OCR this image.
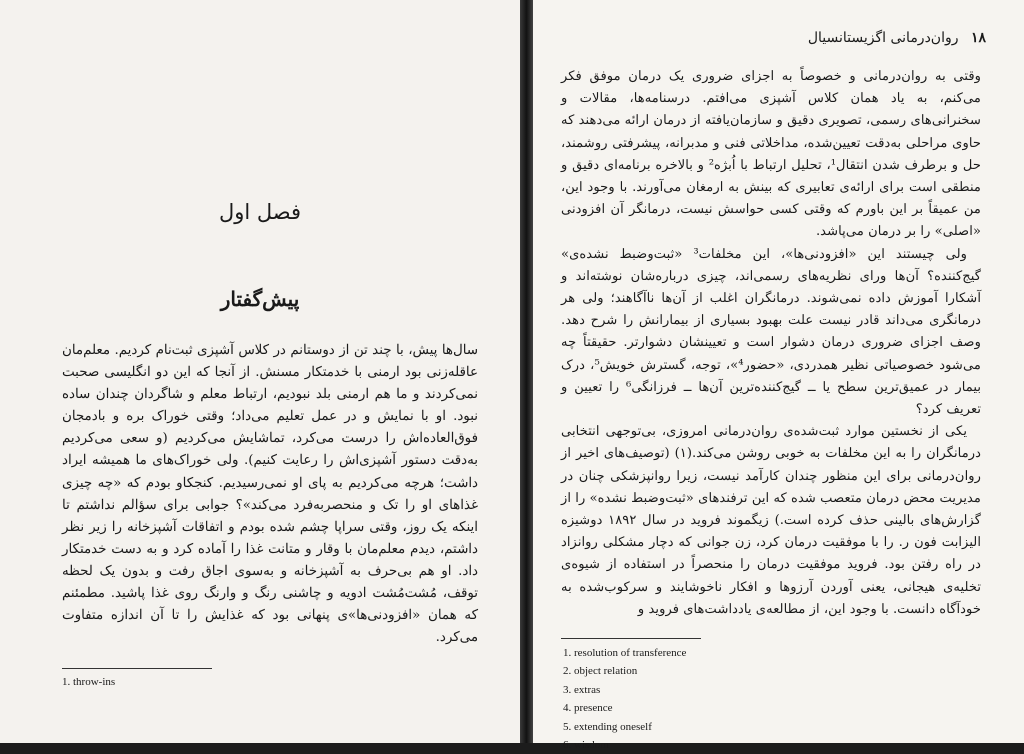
فصل اول
پیش‌گفتار

سال‌ها پیش، با چند تن از دوستانم در کلاس آشپزی ثبت‌نام کردیم. معلم‌مان عاقله‌زنی بود ارمنی با خدمتکار مسنش. از آنجا که این دو انگلیسی صحبت نمی‌کردند و ما هم ارمنی بلد نبودیم، ارتباط معلم و شاگردان چندان ساده نبود. او با نمایش و در عمل تعلیم می‌داد؛ وقتی خوراک بره و بادمجان فوق‌العاده‌اش را درست می‌کرد، تماشایش می‌کردیم (و سعی می‌کردیم به‌دقت دستور آشپزی‌اش را رعایت کنیم). ولی خوراک‌های ما همیشه ایراد داشت؛ هرچه می‌کردیم به پای او نمی‌رسیدیم. کنجکاو بودم که «چه چیزی غذاهای او را تک و منحصربه‌فرد می‌کند»؟ جوابی برای سؤالم نداشتم تا اینکه یک روز، وقتی سراپا چشم شده بودم و اتفاقات آشپزخانه را زیر نظر داشتم، دیدم معلم‌مان با وقار و متانت غذا را آماده کرد و به دست خدمتکار داد. او هم بی‌حرف به آشپزخانه و به‌سوی اجاق رفت و بدون یک لحظه توقف، مُشت‌مُشت ادویه و چاشنی رنگ و وارنگ روی غذا پاشید. مطمئنم که همان «افزودنی‌ها»ی پنهانی بود که غذایش را تا آن اندازه متفاوت می‌کرد.

1. throw-ins
۱۸ روان‌درمانی اگزیستانسیال

وقتی به روان‌درمانی و خصوصاً به اجزای ضروری یک درمان موفق فکر می‌کنم، به یاد همان کلاس آشپزی می‌افتم. درسنامه‌ها، مقالات و سخنرانی‌های رسمی، تصویری دقیق و سازمان‌یافته از درمان ارائه می‌دهند که حاوی مراحلی به‌دقت تعیین‌شده، مداخلاتی فنی و مدبرانه، پیشرفتی روشمند، حل و برطرف شدن انتقال¹، تحلیل ارتباط با اُبژه² و بالاخره برنامه‌ای دقیق و منطقی است برای ارائه‌ی تعابیری که بینش به ارمغان می‌آورند. با وجود این، من عمیقاً بر این باورم که وقتی کسی حواسش نیست، درمانگر آن افزودنی «اصلی» را بر درمان می‌پاشد.

ولی چیستند این «افزودنی‌ها»، این مخلفات³ «ثبت‌وضبط نشده‌ی» گیج‌کننده؟ آن‌ها ورای نظریه‌های رسمی‌اند، چیزی درباره‌شان نوشته‌اند و آشکارا آموزش داده نمی‌شوند. درمانگران اغلب از آن‌ها ناآگاهند؛ ولی هر درمانگری می‌داند قادر نیست علت بهبود بسیاری از بیمارانش را شرح دهد. وصف اجزای ضروری درمان دشوار است و تعیینشان دشوارتر. حقیقتاً چه می‌شود خصوصیاتی نظیر همدردی، «حضور⁴»، توجه، گسترش خویش⁵، درک بیمار در عمیق‌ترین سطح یا ــ گیج‌کننده‌ترین آن‌ها ــ فرزانگی⁶ را تعیین و تعریف کرد؟

یکی از نخستین موارد ثبت‌شده‌ی روان‌درمانی امروزی، بی‌توجهی انتخابی درمانگران را به این مخلفات به خوبی روشن می‌کند.(۱) (توصیف‌های اخیر از روان‌درمانی برای این منظور چندان کارآمد نیست، زیرا روانپزشکی چنان در مدیریت محض درمان متعصب شده که این ترفندهای «ثبت‌وضبط نشده» را از گزارش‌های بالینی حذف کرده است.) زیگموند فروید در سال ۱۸۹۲ دوشیزه الیزابت فون ر. را با موفقیت درمان کرد، زن جوانی که دچار مشکلی روانزاد در راه رفتن بود. فروید موفقیت درمان را منحصراً در استفاده از شیوه‌ی تخلیه‌ی هیجانی، یعنی آوردن آرزوها و افکار ناخوشایند و سرکوب‌شده به خودآگاه دانست. با وجود این، از مطالعه‌ی یادداشت‌های فروید و

1. resolution of transference
2. object relation
3. extras
4. presence
5. extending oneself
6. wisdom
